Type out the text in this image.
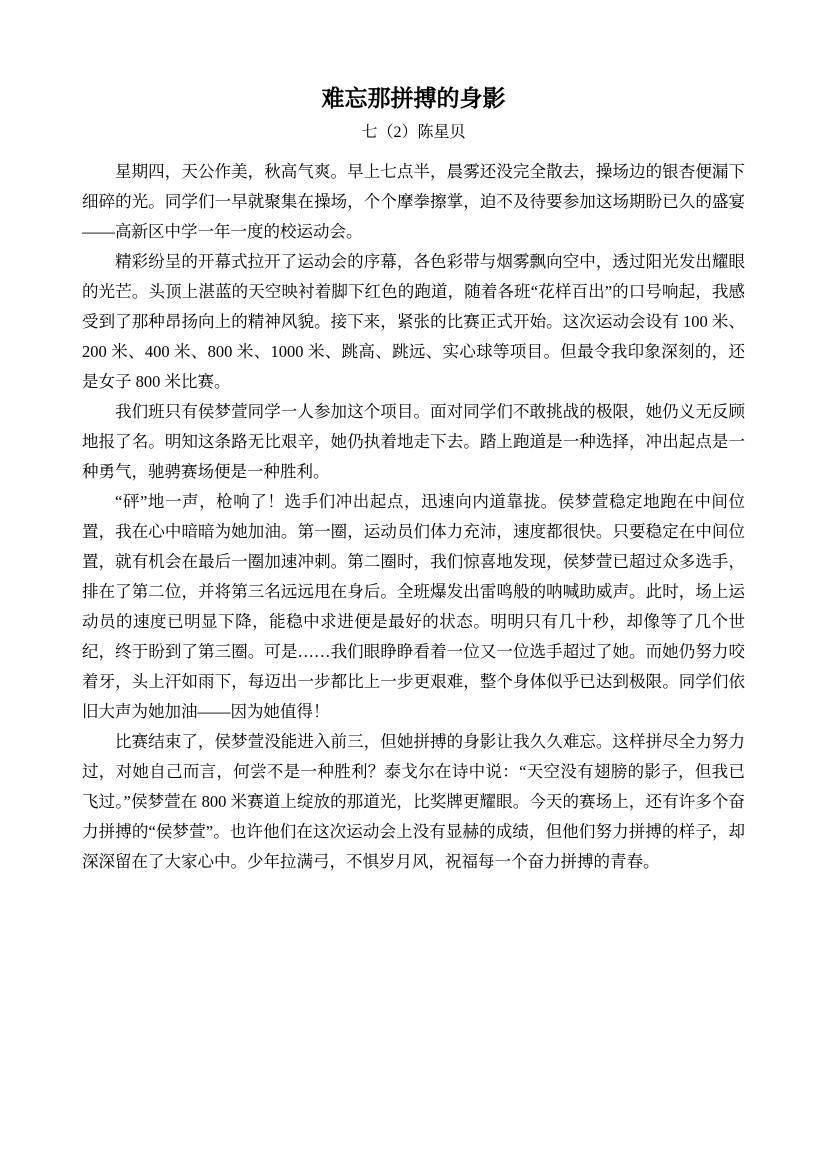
难忘那拼搏的身影
七（2）陈星贝

星期四，天公作美，秋高气爽。早上七点半，晨雾还没完全散去，操场边的银杏便漏下细碎的光。同学们一早就聚集在操场，个个摩拳擦掌，迫不及待要参加这场期盼已久的盛宴——高新区中学一年一度的校运动会。

精彩纷呈的开幕式拉开了运动会的序幕，各色彩带与烟雾飘向空中，透过阳光发出耀眼的光芒。头顶上湛蓝的天空映衬着脚下红色的跑道，随着各班“花样百出”的口号响起，我感受到了那种昂扬向上的精神风貌。接下来，紧张的比赛正式开始。这次运动会设有 100 米、200 米、400 米、800 米、1000 米、跳高、跳远、实心球等项目。但最令我印象深刻的，还是女子 800 米比赛。

我们班只有侯梦萱同学一人参加这个项目。面对同学们不敢挑战的极限，她仍义无反顾地报了名。明知这条路无比艰辛，她仍执着地走下去。踏上跑道是一种选择，冲出起点是一种勇气，驰骋赛场便是一种胜利。

“砰”地一声，枪响了！选手们冲出起点，迅速向内道靠拢。侯梦萱稳定地跑在中间位置，我在心中暗暗为她加油。第一圈，运动员们体力充沛，速度都很快。只要稳定在中间位置，就有机会在最后一圈加速冲刺。第二圈时，我们惊喜地发现，侯梦萱已超过众多选手，排在了第二位，并将第三名远远甩在身后。全班爆发出雷鸣般的呐喊助威声。此时，场上运动员的速度已明显下降，能稳中求进便是最好的状态。明明只有几十秒，却像等了几个世纪，终于盼到了第三圈。可是……我们眼睁睁看着一位又一位选手超过了她。而她仍努力咬着牙，头上汗如雨下，每迈出一步都比上一步更艰难，整个身体似乎已达到极限。同学们依旧大声为她加油——因为她值得！

比赛结束了，侯梦萱没能进入前三，但她拼搏的身影让我久久难忘。这样拼尽全力努力过，对她自己而言，何尝不是一种胜利？泰戈尔在诗中说：“天空没有翅膀的影子，但我已飞过。”侯梦萱在 800 米赛道上绽放的那道光，比奖牌更耀眼。今天的赛场上，还有许多个奋力拼搏的“侯梦萱”。也许他们在这次运动会上没有显赫的成绩，但他们努力拼搏的样子，却深深留在了大家心中。少年拉满弓，不惧岁月风，祝福每一个奋力拼搏的青春。
